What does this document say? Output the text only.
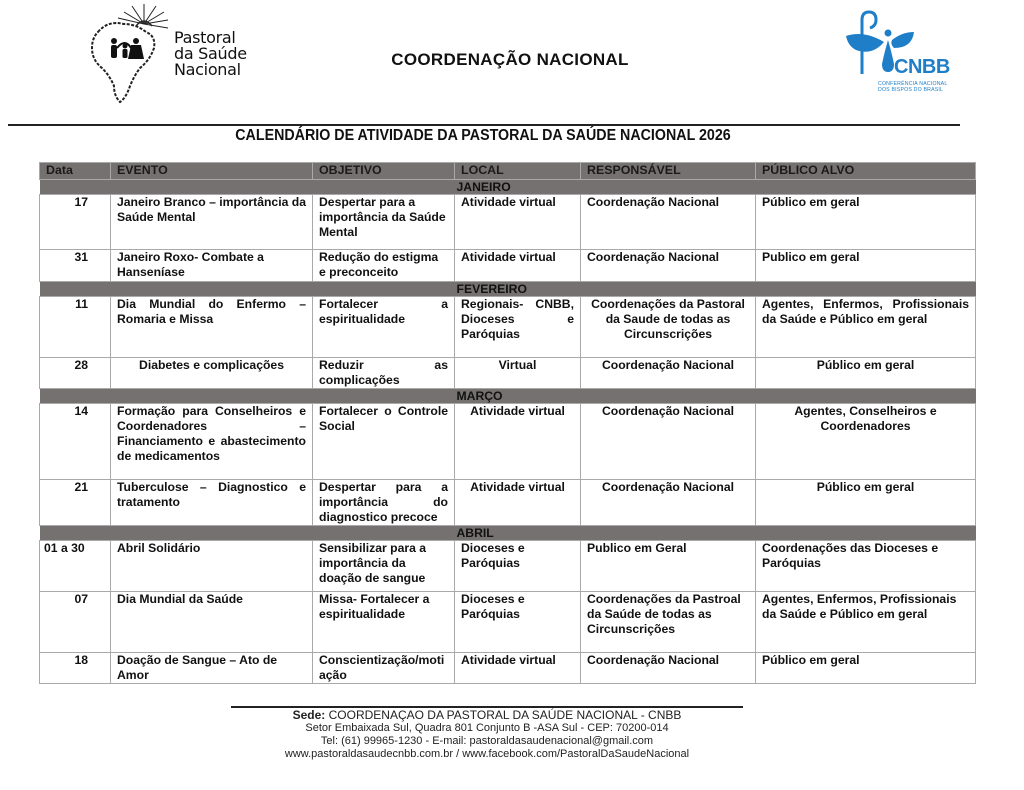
Pastoral
da Saúde
Nacional
COORDENAÇÃO NACIONAL	CNBB
CONFERÊNCIA NACIONAL
DOS BISPOS DO BRASIL
CALENDÁRIO DE ATIVIDADE DA PASTORAL DA SAÚDE NACIONAL 2026
Data	EVENTO	OBJETIVO	LOCAL	RESPONSÁVEL	PÚBLICO ALVO

JANEIRO					

17	Janeiro Branco – importância da Saúde Mental	Despertar para a importância da Saúde Mental	Atividade virtual	Coordenação Nacional	Público em geral
31	Janeiro Roxo- Combate a Hanseníase	Redução do estigma e preconceito	Atividade virtual	Coordenação Nacional	Publico em geral

FEVEREIRO					

11	Dia Mundial do Enfermo – Romaria e Missa	Fortalecer a espiritualidade	Regionais- CNBB, Dioceses e Paróquias	Coordenações da Pastoral da Saude de todas as Circunscrições	Agentes, Enfermos, Profissionais da Saúde e Público em geral
28	Diabetes e complicações	Reduzir as complicações	Virtual	Coordenação Nacional	Público em geral

MARÇO					

14	Formação para Conselheiros e Coordenadores – Financiamento e abastecimento de medicamentos	Fortalecer o Controle Social	Atividade virtual	Coordenação Nacional	Agentes, Conselheiros e Coordenadores
21	Tuberculose – Diagnostico e tratamento	Despertar para a importância do diagnostico precoce	Atividade virtual	Coordenação Nacional	Público em geral

ABRIL					

01 a 30	Abril Solidário	Sensibilizar para a importância da doação de sangue	Dioceses e Paróquias	Publico em Geral	Coordenações das Dioceses e Paróquias
07	Dia Mundial da Saúde	Missa- Fortalecer a espiritualidade	Dioceses e Paróquias	Coordenações da Pastroal da Saúde de todas as Circunscrições	Agentes, Enfermos, Profissionais da Saúde e Público em geral
18	Doação de Sangue – Ato de Amor	Conscientização/motiação	Atividade virtual	Coordenação Nacional	Público em geral
Sede: COORDENAÇAO DA PASTORAL DA SAÚDE NACIONAL - CNBB
Setor Embaixada Sul, Quadra 801 Conjunto B -ASA Sul - CEP: 70200-014
Tel: (61) 99965-1230 - E-mail: pastoraldasaudenacional@gmail.com
www.pastoraldasaudecnbb.com.br / www.facebook.com/PastoralDaSaudeNacional
